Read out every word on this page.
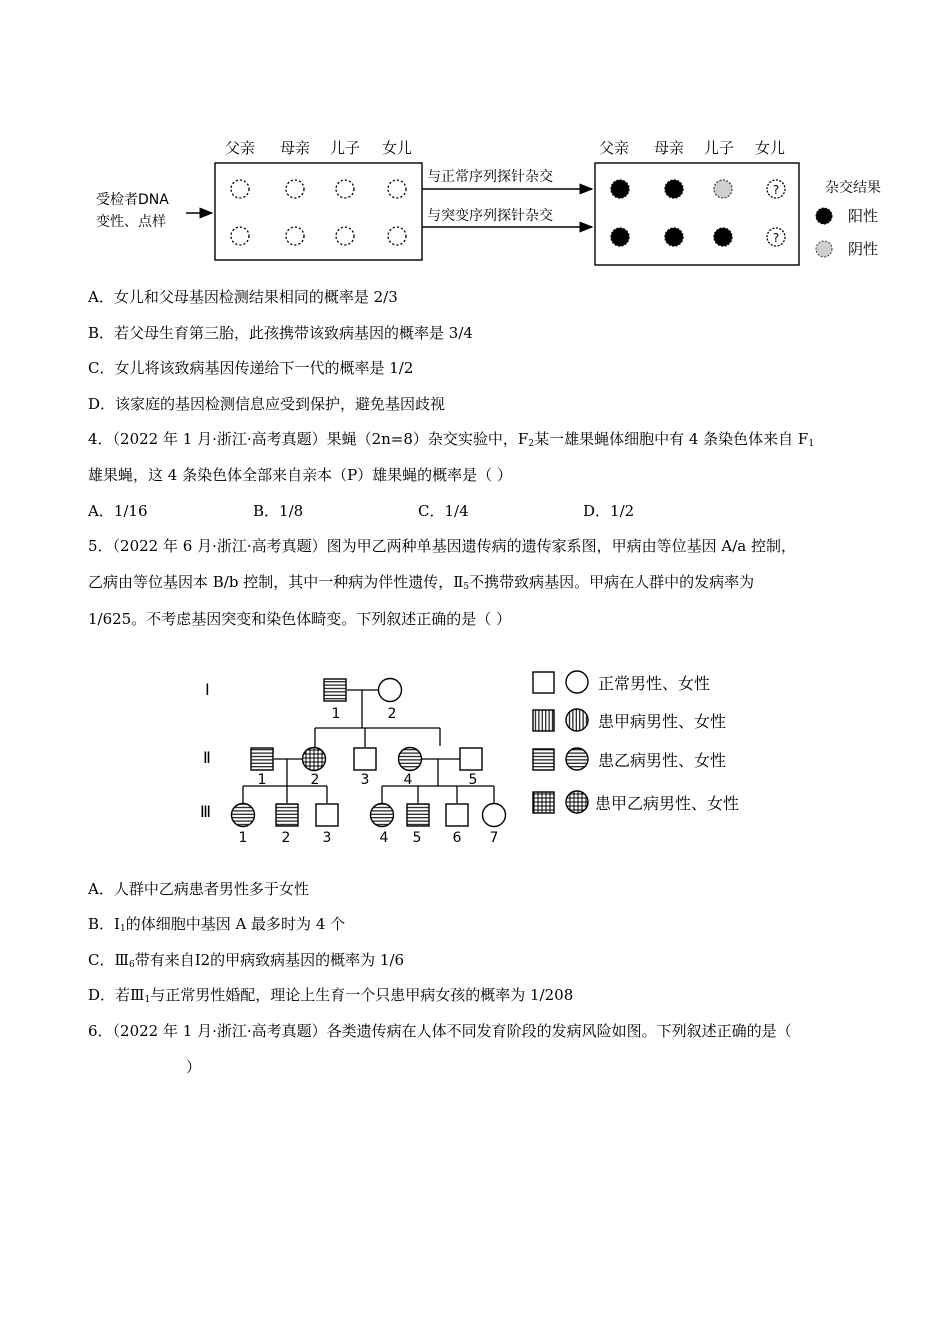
父亲 母亲 儿子 女儿	父亲 母亲 儿子 女儿
受检者DNA
变性、点样
与正常序列探针杂交
与突变序列探针杂交
?
?
杂交结果
阳性
阴性
A．女儿和父母基因检测结果相同的概率是 2/3
B．若父母生育第三胎，此孩携带该致病基因的概率是 3/4
C．女儿将该致病基因传递给下一代的概率是 1/2
D．该家庭的基因检测信息应受到保护，避免基因歧视
4．（2022 年 1 月·浙江·高考真题）果蝇（2n=8）杂交实验中，$F_2$某一雄果蝇体细胞中有 4 条染色体来自 $F_1$
雄果蝇，这 4 条染色体全部来自亲本（P）雄果蝇的概率是（ ）
A．1/16	B．1/8	C．1/4	D．1/2
5．（2022 年 6 月·浙江·高考真题）图为甲乙两种单基因遗传病的遗传家系图，甲病由等位基因 A/a 控制，
乙病由等位基因本 B/b 控制，其中一种病为伴性遗传，$Ⅱ_5$不携带致病基因。甲病在人群中的发病率为
1/625。不考虑基因突变和染色体畸变。下列叙述正确的是（ ）
Ⅰ
Ⅱ
Ⅲ
1	2
1	2	3 4	5
1 2 3	4 5 6 7
正常男性、女性
患甲病男性、女性
患乙病男性、女性
患甲乙病男性、女性
A．人群中乙病患者男性多于女性
B．$Ⅰ_1$的体细胞中基因 A 最多时为 4 个
C．$Ⅲ_6$带有来自Ⅰ2的甲病致病基因的概率为 1/6
D．若$Ⅲ_1$与正常男性婚配，理论上生育一个只患甲病女孩的概率为 1/208
6．（2022 年 1 月·浙江·高考真题）各类遗传病在人体不同发育阶段的发病风险如图。下列叙述正确的是（
）
